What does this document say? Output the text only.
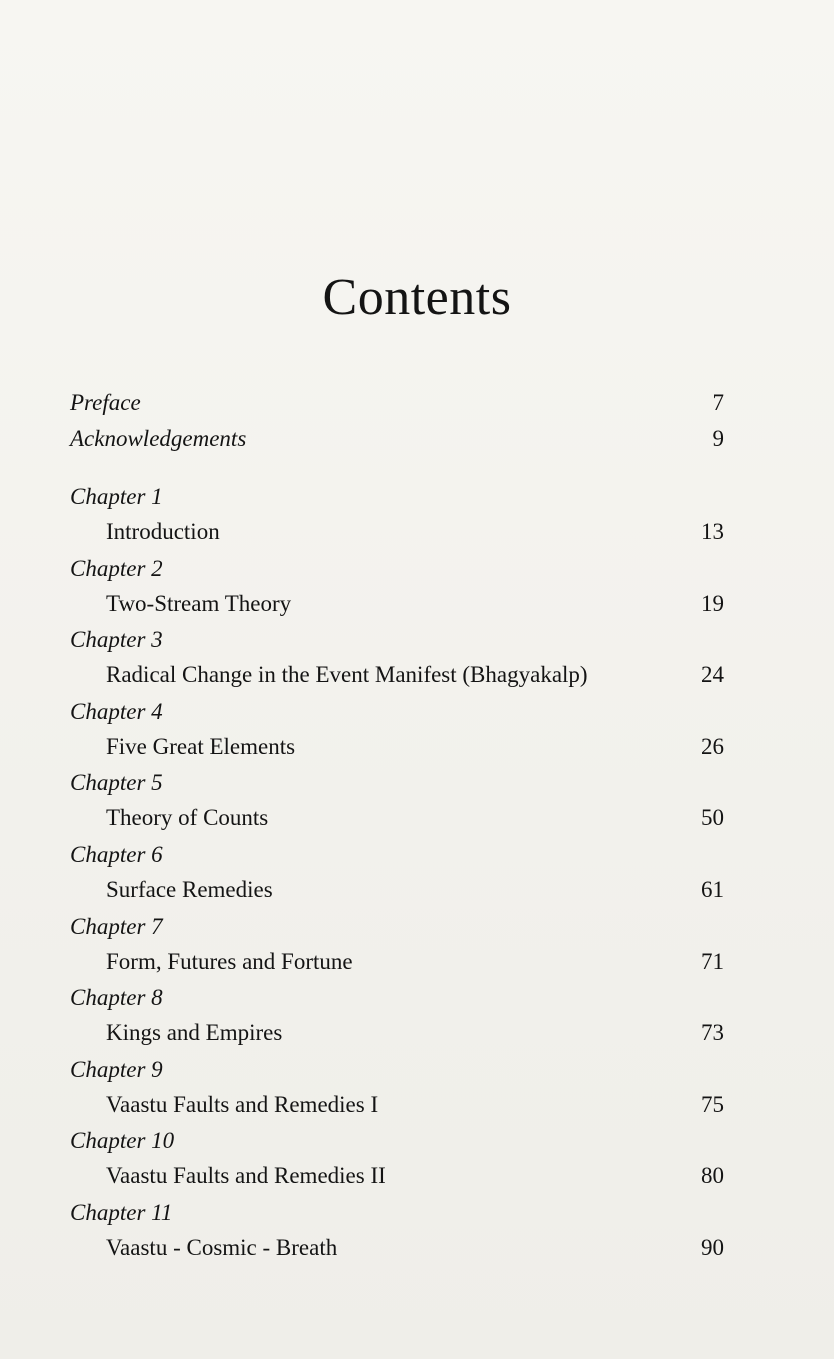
Contents
Preface	7
Acknowledgements	9
Chapter 1
Introduction	13
Chapter 2
Two-Stream Theory	19
Chapter 3
Radical Change in the Event Manifest (Bhagyakalp)	24
Chapter 4
Five Great Elements	26
Chapter 5
Theory of Counts	50
Chapter 6
Surface Remedies	61
Chapter 7
Form, Futures and Fortune	71
Chapter 8
Kings and Empires	73
Chapter 9
Vaastu Faults and Remedies I	75
Chapter 10
Vaastu Faults and Remedies II	80
Chapter 11
Vaastu - Cosmic - Breath	90
